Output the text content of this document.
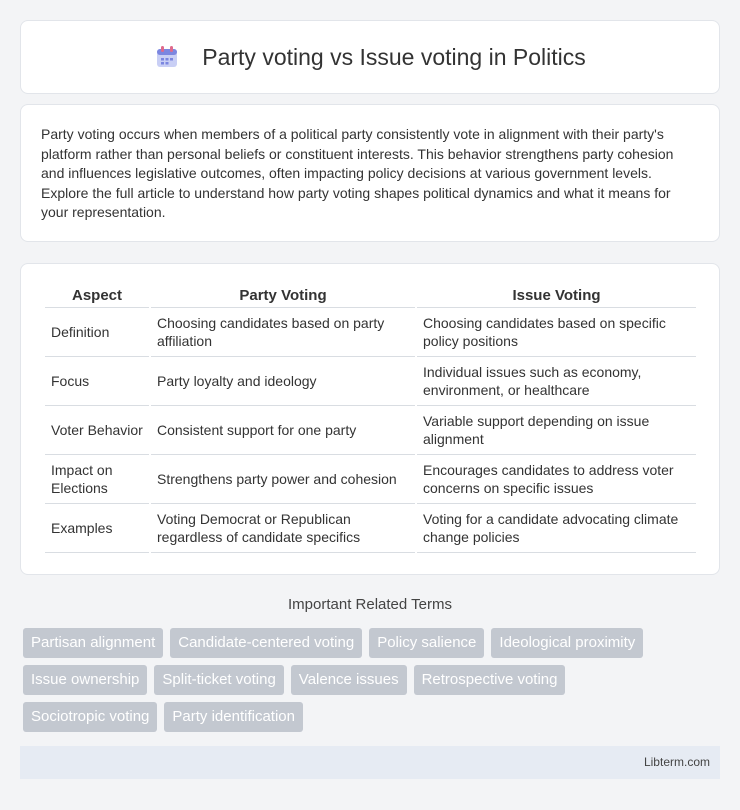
Party voting vs Issue voting in Politics

Party voting occurs when members of a political party consistently vote in alignment with their party's platform rather than personal beliefs or constituent interests. This behavior strengthens party cohesion and influences legislative outcomes, often impacting policy decisions at various government levels. Explore the full article to understand how party voting shapes political dynamics and what it means for your representation.

Aspect	Party Voting	Issue Voting
Definition	Choosing candidates based on party affiliation	Choosing candidates based on specific policy positions
Focus	Party loyalty and ideology	Individual issues such as economy, environment, or healthcare
Voter Behavior	Consistent support for one party	Variable support depending on issue alignment
Impact on Elections	Strengthens party power and cohesion	Encourages candidates to address voter concerns on specific issues
Examples	Voting Democrat or Republican regardless of candidate specifics	Voting for a candidate advocating climate change policies
Important Related Terms
Partisan alignment	Candidate-centered voting	Policy salience	Ideological proximity
Issue ownership	Split-ticket voting	Valence issues	Retrospective voting
Sociotropic voting	Party identification
Libterm.com
